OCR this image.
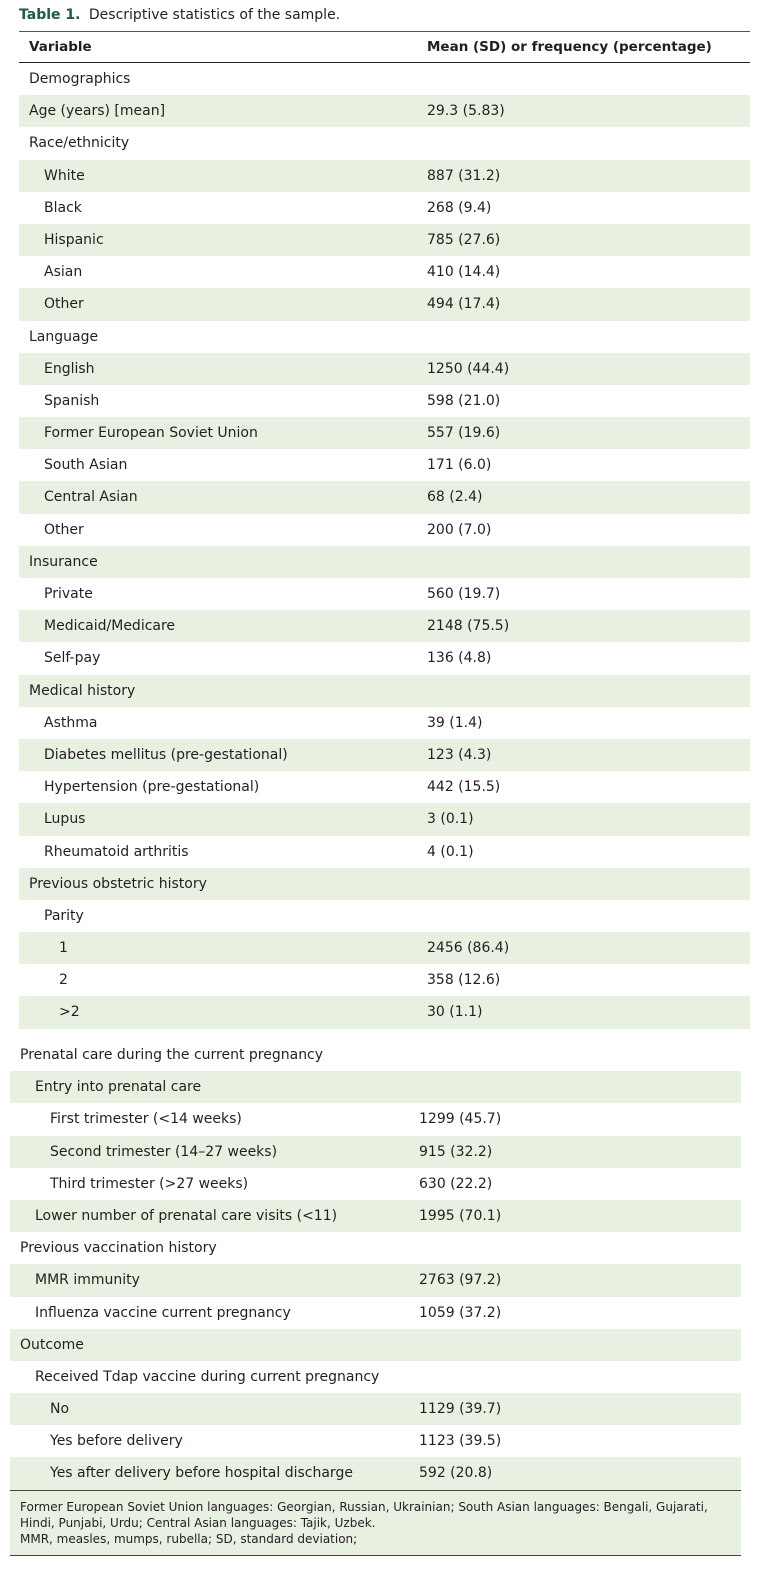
Table 1. Descriptive statistics of the sample.
Variable	Mean (SD) or frequency (percentage)
Demographics
Age (years) [mean]	29.3 (5.83)
Race/ethnicity
White	887 (31.2)
Black	268 (9.4)
Hispanic	785 (27.6)
Asian	410 (14.4)
Other	494 (17.4)
Language
English	1250 (44.4)
Spanish	598 (21.0)
Former European Soviet Union	557 (19.6)
South Asian	171 (6.0)
Central Asian	68 (2.4)
Other	200 (7.0)
Insurance
Private	560 (19.7)
Medicaid/Medicare	2148 (75.5)
Self-pay	136 (4.8)
Medical history
Asthma	39 (1.4)
Diabetes mellitus (pre-gestational)	123 (4.3)
Hypertension (pre-gestational)	442 (15.5)
Lupus	3 (0.1)
Rheumatoid arthritis	4 (0.1)
Previous obstetric history
Parity
1	2456 (86.4)
2	358 (12.6)
>2	30 (1.1)
Prenatal care during the current pregnancy
Entry into prenatal care
First trimester (<14 weeks)	1299 (45.7)
Second trimester (14–27 weeks)	915 (32.2)
Third trimester (>27 weeks)	630 (22.2)
Lower number of prenatal care visits (<11)	1995 (70.1)
Previous vaccination history
MMR immunity	2763 (97.2)
Influenza vaccine current pregnancy	1059 (37.2)
Outcome
Received Tdap vaccine during current pregnancy
No	1129 (39.7)
Yes before delivery	1123 (39.5)
Yes after delivery before hospital discharge	592 (20.8)
Former European Soviet Union languages: Georgian, Russian, Ukrainian; South Asian languages: Bengali, Gujarati, Hindi, Punjabi, Urdu; Central Asian languages: Tajik, Uzbek.
MMR, measles, mumps, rubella; SD, standard deviation;
